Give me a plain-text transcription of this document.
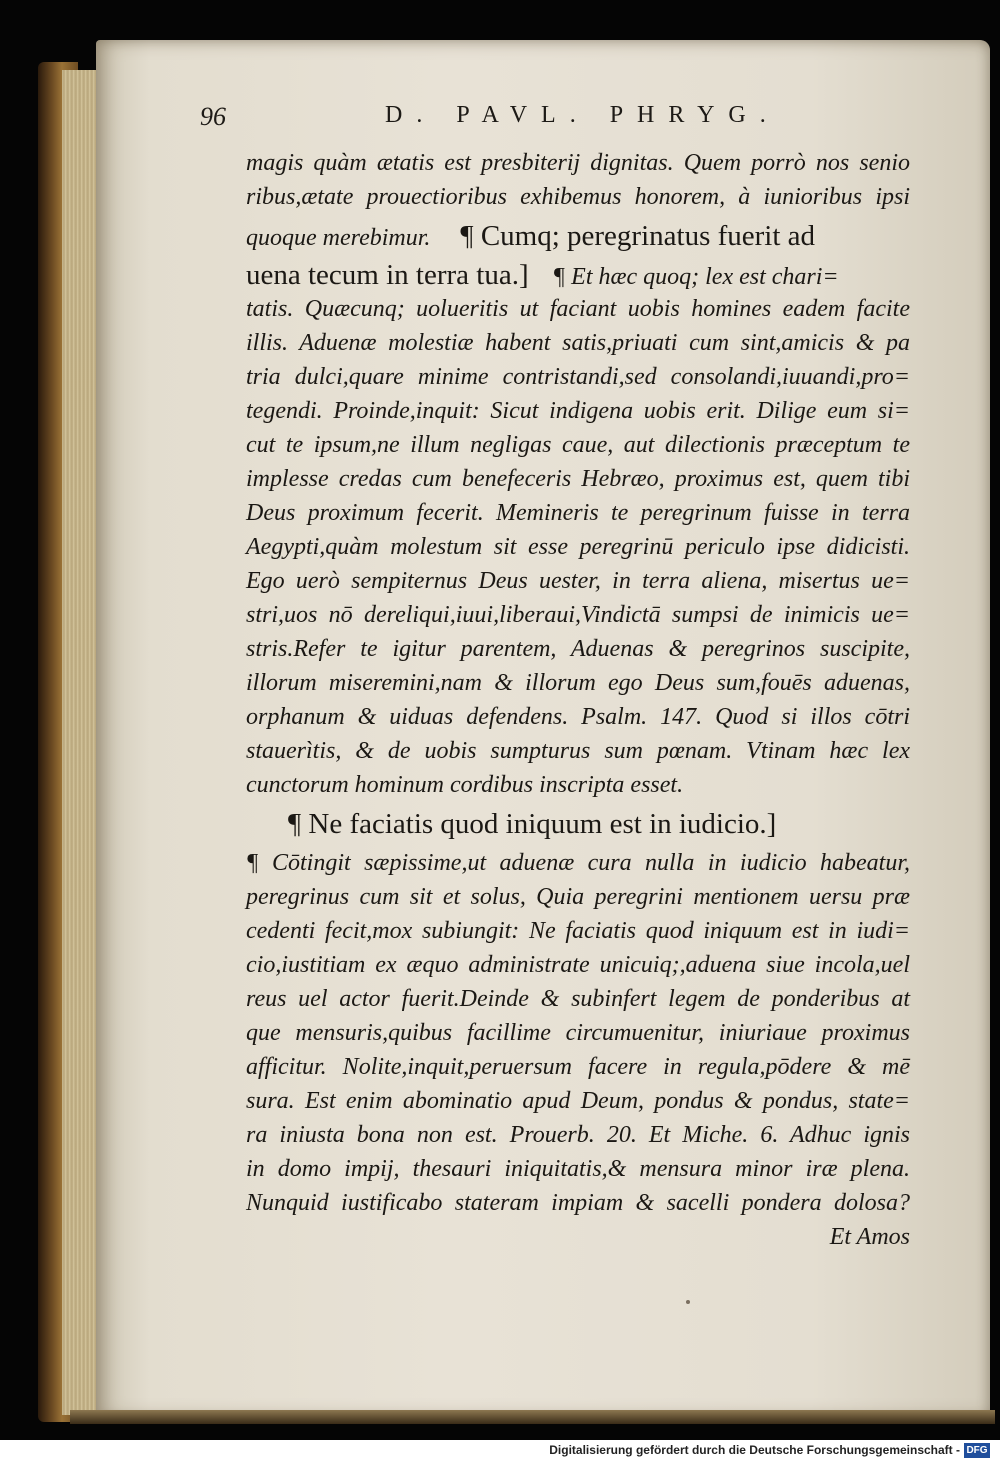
96	D. PAVL. PHRYG.
magis quàm ætatis est presbiterij dignitas. Quem porrò nos senio
ribus,ætate prouectioribus exhibemus honorem, à iunioribus ipsi
quoque merebimur. ¶ Cumq; peregrinatus fuerit ad
uena tecum in terra tua.] ¶ Et hæc quoq; lex est chari=
tatis. Quæcunq; uolueritis ut faciant uobis homines eadem facite
illis. Aduenæ molestiæ habent satis,priuati cum sint,amicis & pa
tria dulci,quare minime contristandi,sed consolandi,iuuandi,pro=
tegendi. Proinde,inquit: Sicut indigena uobis erit. Dilige eum si=
cut te ipsum,ne illum negligas caue, aut dilectionis præceptum te
implesse credas cum benefeceris Hebræo, proximus est, quem tibi
Deus proximum fecerit. Memineris te peregrinum fuisse in terra
Aegypti,quàm molestum sit esse peregrinū periculo ipse didicisti.
Ego uerò sempiternus Deus uester, in terra aliena, misertus ue=
stri,uos nō dereliqui,iuui,liberaui,Vindictā sumpsi de inimicis ue=
stris.Refer te igitur parentem, Aduenas & peregrinos suscipite,
illorum miseremini,nam & illorum ego Deus sum,fouēs aduenas,
orphanum & uiduas defendens. Psalm. 147. Quod si illos cōtri
stauerìtis, & de uobis sumpturus sum pœnam. Vtinam hæc lex
cunctorum hominum cordibus inscripta esset.
¶ Ne faciatis quod iniquum est in iudicio.]
¶ Cōtingit sæpissime,ut aduenæ cura nulla in iudicio habeatur,
peregrinus cum sit et solus, Quia peregrini mentionem uersu præ
cedenti fecit,mox subiungit: Ne faciatis quod iniquum est in iudi=
cio,iustitiam ex æquo administrate unicuiq;,aduena siue incola,uel
reus uel actor fuerit.Deinde & subinfert legem de ponderibus at
que mensuris,quibus facillime circumuenitur, iniuriaue proximus
afficitur. Nolite,inquit,peruersum facere in regula,pōdere & mē
sura. Est enim abominatio apud Deum, pondus & pondus, state=
ra iniusta bona non est. Prouerb. 20. Et Miche. 6. Adhuc ignis
in domo impij, thesauri iniquitatis,& mensura minor iræ plena.
Nunquid iustificabo stateram impiam & sacelli pondera dolosa?
Et Amos
Digitalisierung gefördert durch die Deutsche Forschungsgemeinschaft - DFG
